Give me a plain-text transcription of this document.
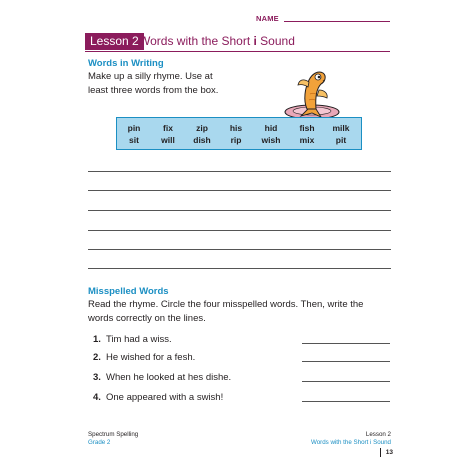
NAME
Lesson 2 Words with the Short i Sound
Words in Writing
Make up a silly rhyme. Use at
least three words from the box.
pin	fix	zip	his	hid	fish	milk
sit	will	dish	rip	wish	mix	pit
Misspelled Words
Read the rhyme. Circle the four misspelled words. Then, write the
words correctly on the lines.
1. Tim had a wiss.
2. He wished for a fesh.
3. When he looked at hes dishe.
4. One appeared with a swish!
Spectrum Spelling
Grade 2
Lesson 2
Words with the Short i Sound
13
